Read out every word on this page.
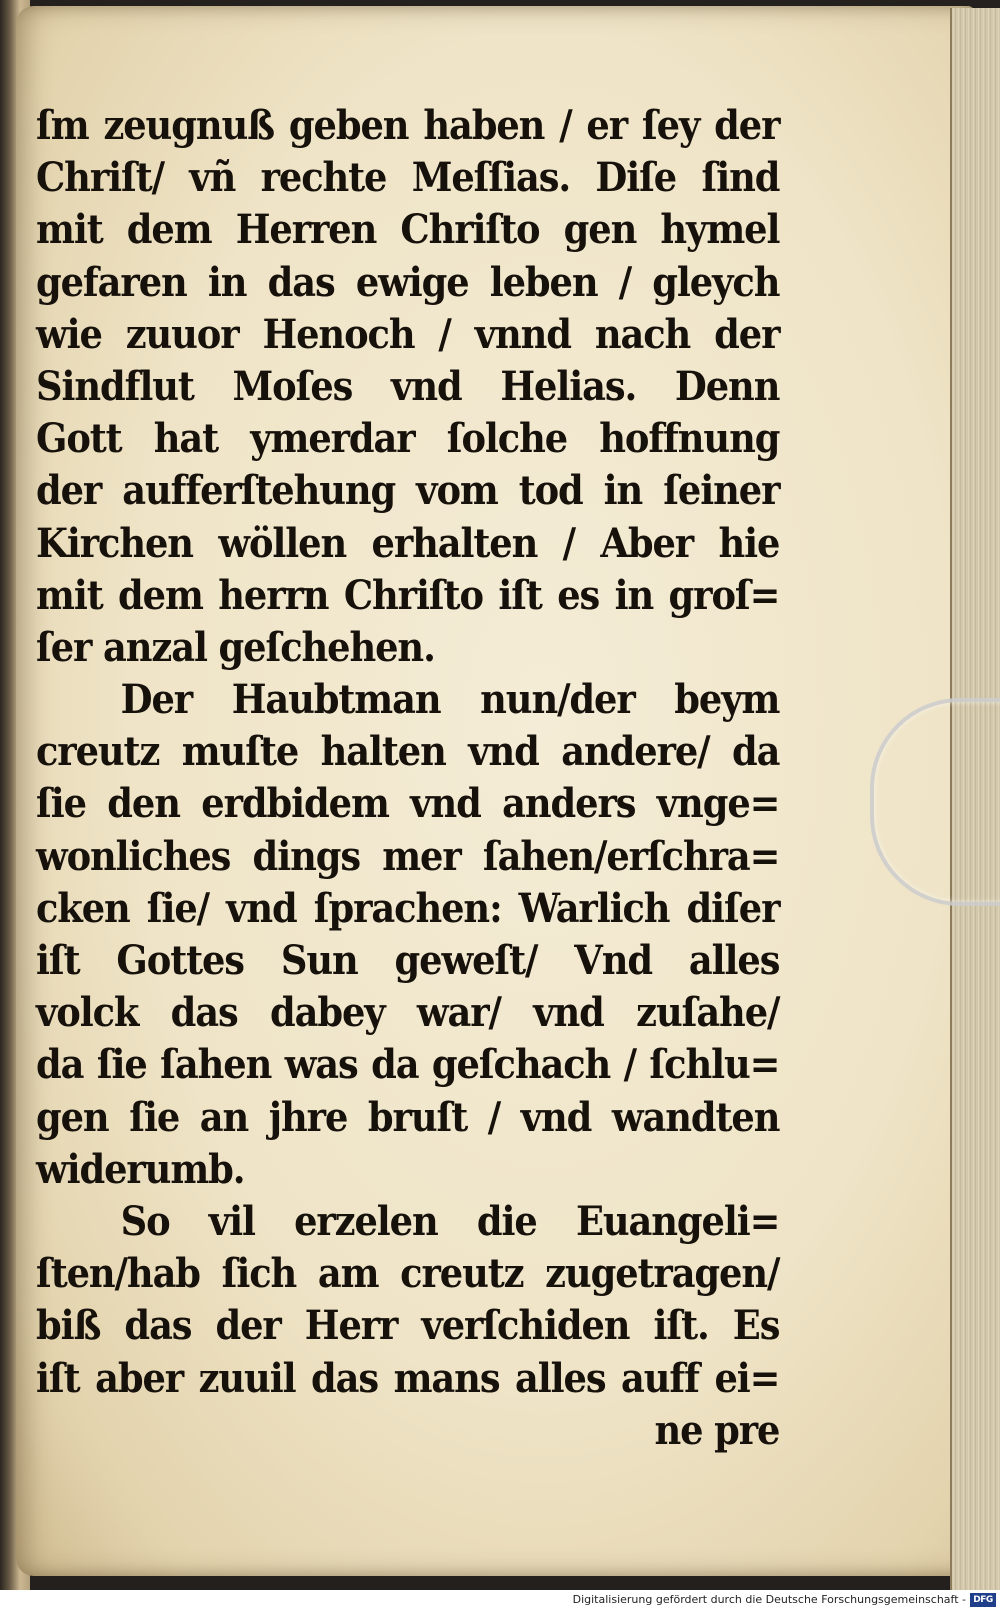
ſm zeugnuß geben haben / er ſey der
Chriſt/ vñ rechte Meſſias. Diſe ſind
mit dem Herren Chriſto gen hymel
gefaren in das ewige leben / gleych
wie zuuor Henoch / vnnd nach der
Sindflut Moſes vnd Helias. Denn
Gott hat ymerdar ſolche hoffnung
der aufferſtehung vom tod in ſeiner
Kirchen wöllen erhalten / Aber hie
mit dem herrn Chriſto iſt es in groſ=
ſer anzal geſchehen.
Der Haubtman nun/der beym
creutz muſte halten vnd andere/ da
ſie den erdbidem vnd anders vnge=
wonliches dings mer ſahen/erſchra=
cken ſie/ vnd ſprachen: Warlich diſer
iſt Gottes Sun geweſt/ Vnd alles
volck das dabey war/ vnd zuſahe/
da ſie ſahen was da geſchach / ſchlu=
gen ſie an jhre bruſt / vnd wandten
widerumb.
So vil erzelen die Euangeli=
ſten/hab ſich am creutz zugetragen/
biß das der Herr verſchiden iſt. Es
iſt aber zuuil das mans alles auff ei=
ne pre
Digitalisierung gefördert durch die Deutsche Forschungsgemeinschaft - DFG
